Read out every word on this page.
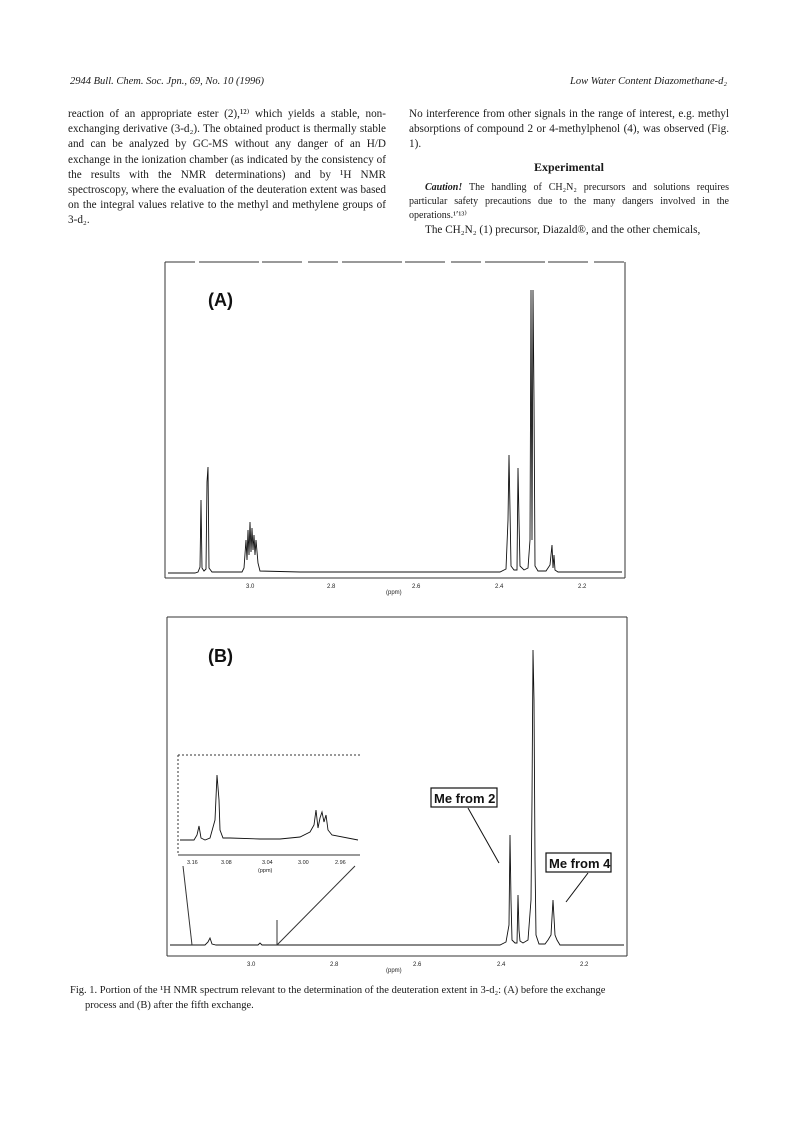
2944 Bull. Chem. Soc. Jpn., 69, No. 10 (1996)	Low Water Content Diazomethane-d₂

reaction of an appropriate ester (2),¹²⁾ which yields a stable, non-exchanging derivative (3-d₂). The obtained product is thermally stable and can be analyzed by GC-MS without any danger of an H/D exchange in the ionization chamber (as indicated by the consistency of the results with the NMR determinations) and by ¹H NMR spectroscopy, where the evaluation of the deuteration extent was based on the integral values relative to the methyl and methylene groups of 3-d₂.

No interference from other signals in the range of interest, e.g. methyl absorptions of compound 2 or 4-methylphenol (4), was observed (Fig. 1).

Experimental

Caution! The handling of CH₂N₂ precursors and solutions requires particular safety precautions due to the many dangers involved in the operations.¹ʹ¹³⁾

The CH₂N₂ (1) precursor, Diazald®, and the other chemicals,

(A)
3.0	2.8	2.6	2.4	2.2
(ppm)
(B)
3.0	2.8	2.6	2.4	2.2
(ppm)
3.16	3.08	3.04	3.00	2.96
(ppm)
Me from 2
Me from 4
Fig. 1. Portion of the ¹H NMR spectrum relevant to the determination of the deuteration extent in 3-d₂: (A) before the exchange
process and (B) after the fifth exchange.
